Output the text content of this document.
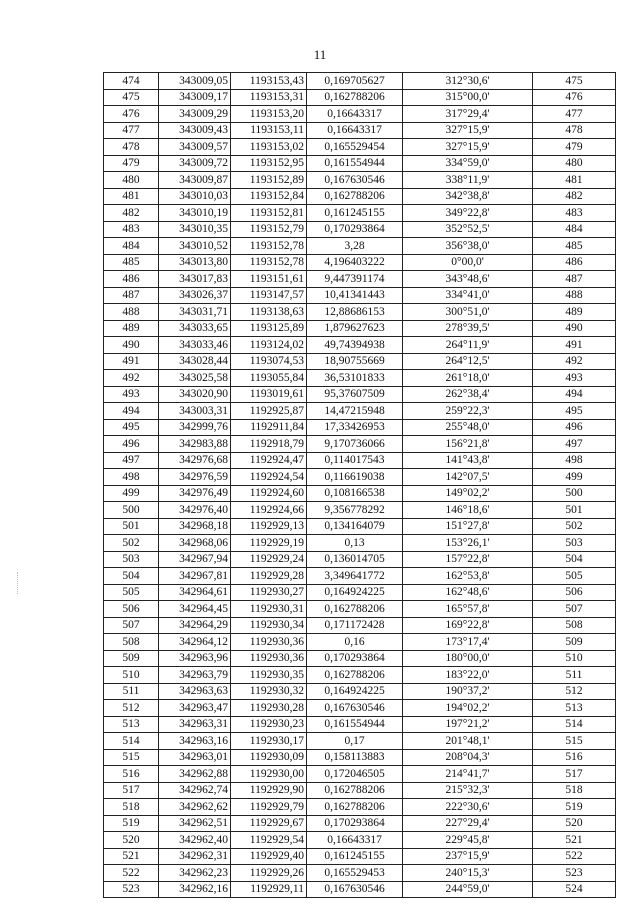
11
474	343009,05	1193153,43	0,169705627	312°30,6'	475
475	343009,17	1193153,31	0,162788206	315°00,0'	476
476	343009,29	1193153,20	0,16643317	317°29,4'	477
477	343009,43	1193153,11	0,16643317	327°15,9'	478
478	343009,57	1193153,02	0,165529454	327°15,9'	479
479	343009,72	1193152,95	0,161554944	334°59,0'	480
480	343009,87	1193152,89	0,167630546	338°11,9'	481
481	343010,03	1193152,84	0,162788206	342°38,8'	482
482	343010,19	1193152,81	0,161245155	349°22,8'	483
483	343010,35	1193152,79	0,170293864	352°52,5'	484
484	343010,52	1193152,78	3,28	356°38,0'	485
485	343013,80	1193152,78	4,196403222	0°00,0'	486
486	343017,83	1193151,61	9,447391174	343°48,6'	487
487	343026,37	1193147,57	10,41341443	334°41,0'	488
488	343031,71	1193138,63	12,88686153	300°51,0'	489
489	343033,65	1193125,89	1,879627623	278°39,5'	490
490	343033,46	1193124,02	49,74394938	264°11,9'	491
491	343028,44	1193074,53	18,90755669	264°12,5'	492
492	343025,58	1193055,84	36,53101833	261°18,0'	493
493	343020,90	1193019,61	95,37607509	262°38,4'	494
494	343003,31	1192925,87	14,47215948	259°22,3'	495
495	342999,76	1192911,84	17,33426953	255°48,0'	496
496	342983,88	1192918,79	9,170736066	156°21,8'	497
497	342976,68	1192924,47	0,114017543	141°43,8'	498
498	342976,59	1192924,54	0,116619038	142°07,5'	499
499	342976,49	1192924,60	0,108166538	149°02,2'	500
500	342976,40	1192924,66	9,356778292	146°18,6'	501
501	342968,18	1192929,13	0,134164079	151°27,8'	502
502	342968,06	1192929,19	0,13	153°26,1'	503
503	342967,94	1192929,24	0,136014705	157°22,8'	504
504	342967,81	1192929,28	3,349641772	162°53,8'	505
505	342964,61	1192930,27	0,164924225	162°48,6'	506
506	342964,45	1192930,31	0,162788206	165°57,8'	507
507	342964,29	1192930,34	0,171172428	169°22,8'	508
508	342964,12	1192930,36	0,16	173°17,4'	509
509	342963,96	1192930,36	0,170293864	180°00,0'	510
510	342963,79	1192930,35	0,162788206	183°22,0'	511
511	342963,63	1192930,32	0,164924225	190°37,2'	512
512	342963,47	1192930,28	0,167630546	194°02,2'	513
513	342963,31	1192930,23	0,161554944	197°21,2'	514
514	342963,16	1192930,17	0,17	201°48,1'	515
515	342963,01	1192930,09	0,158113883	208°04,3'	516
516	342962,88	1192930,00	0,172046505	214°41,7'	517
517	342962,74	1192929,90	0,162788206	215°32,3'	518
518	342962,62	1192929,79	0,162788206	222°30,6'	519
519	342962,51	1192929,67	0,170293864	227°29,4'	520
520	342962,40	1192929,54	0,16643317	229°45,8'	521
521	342962,31	1192929,40	0,161245155	237°15,9'	522
522	342962,23	1192929,26	0,165529453	240°15,3'	523
523	342962,16	1192929,11	0,167630546	244°59,0'	524
